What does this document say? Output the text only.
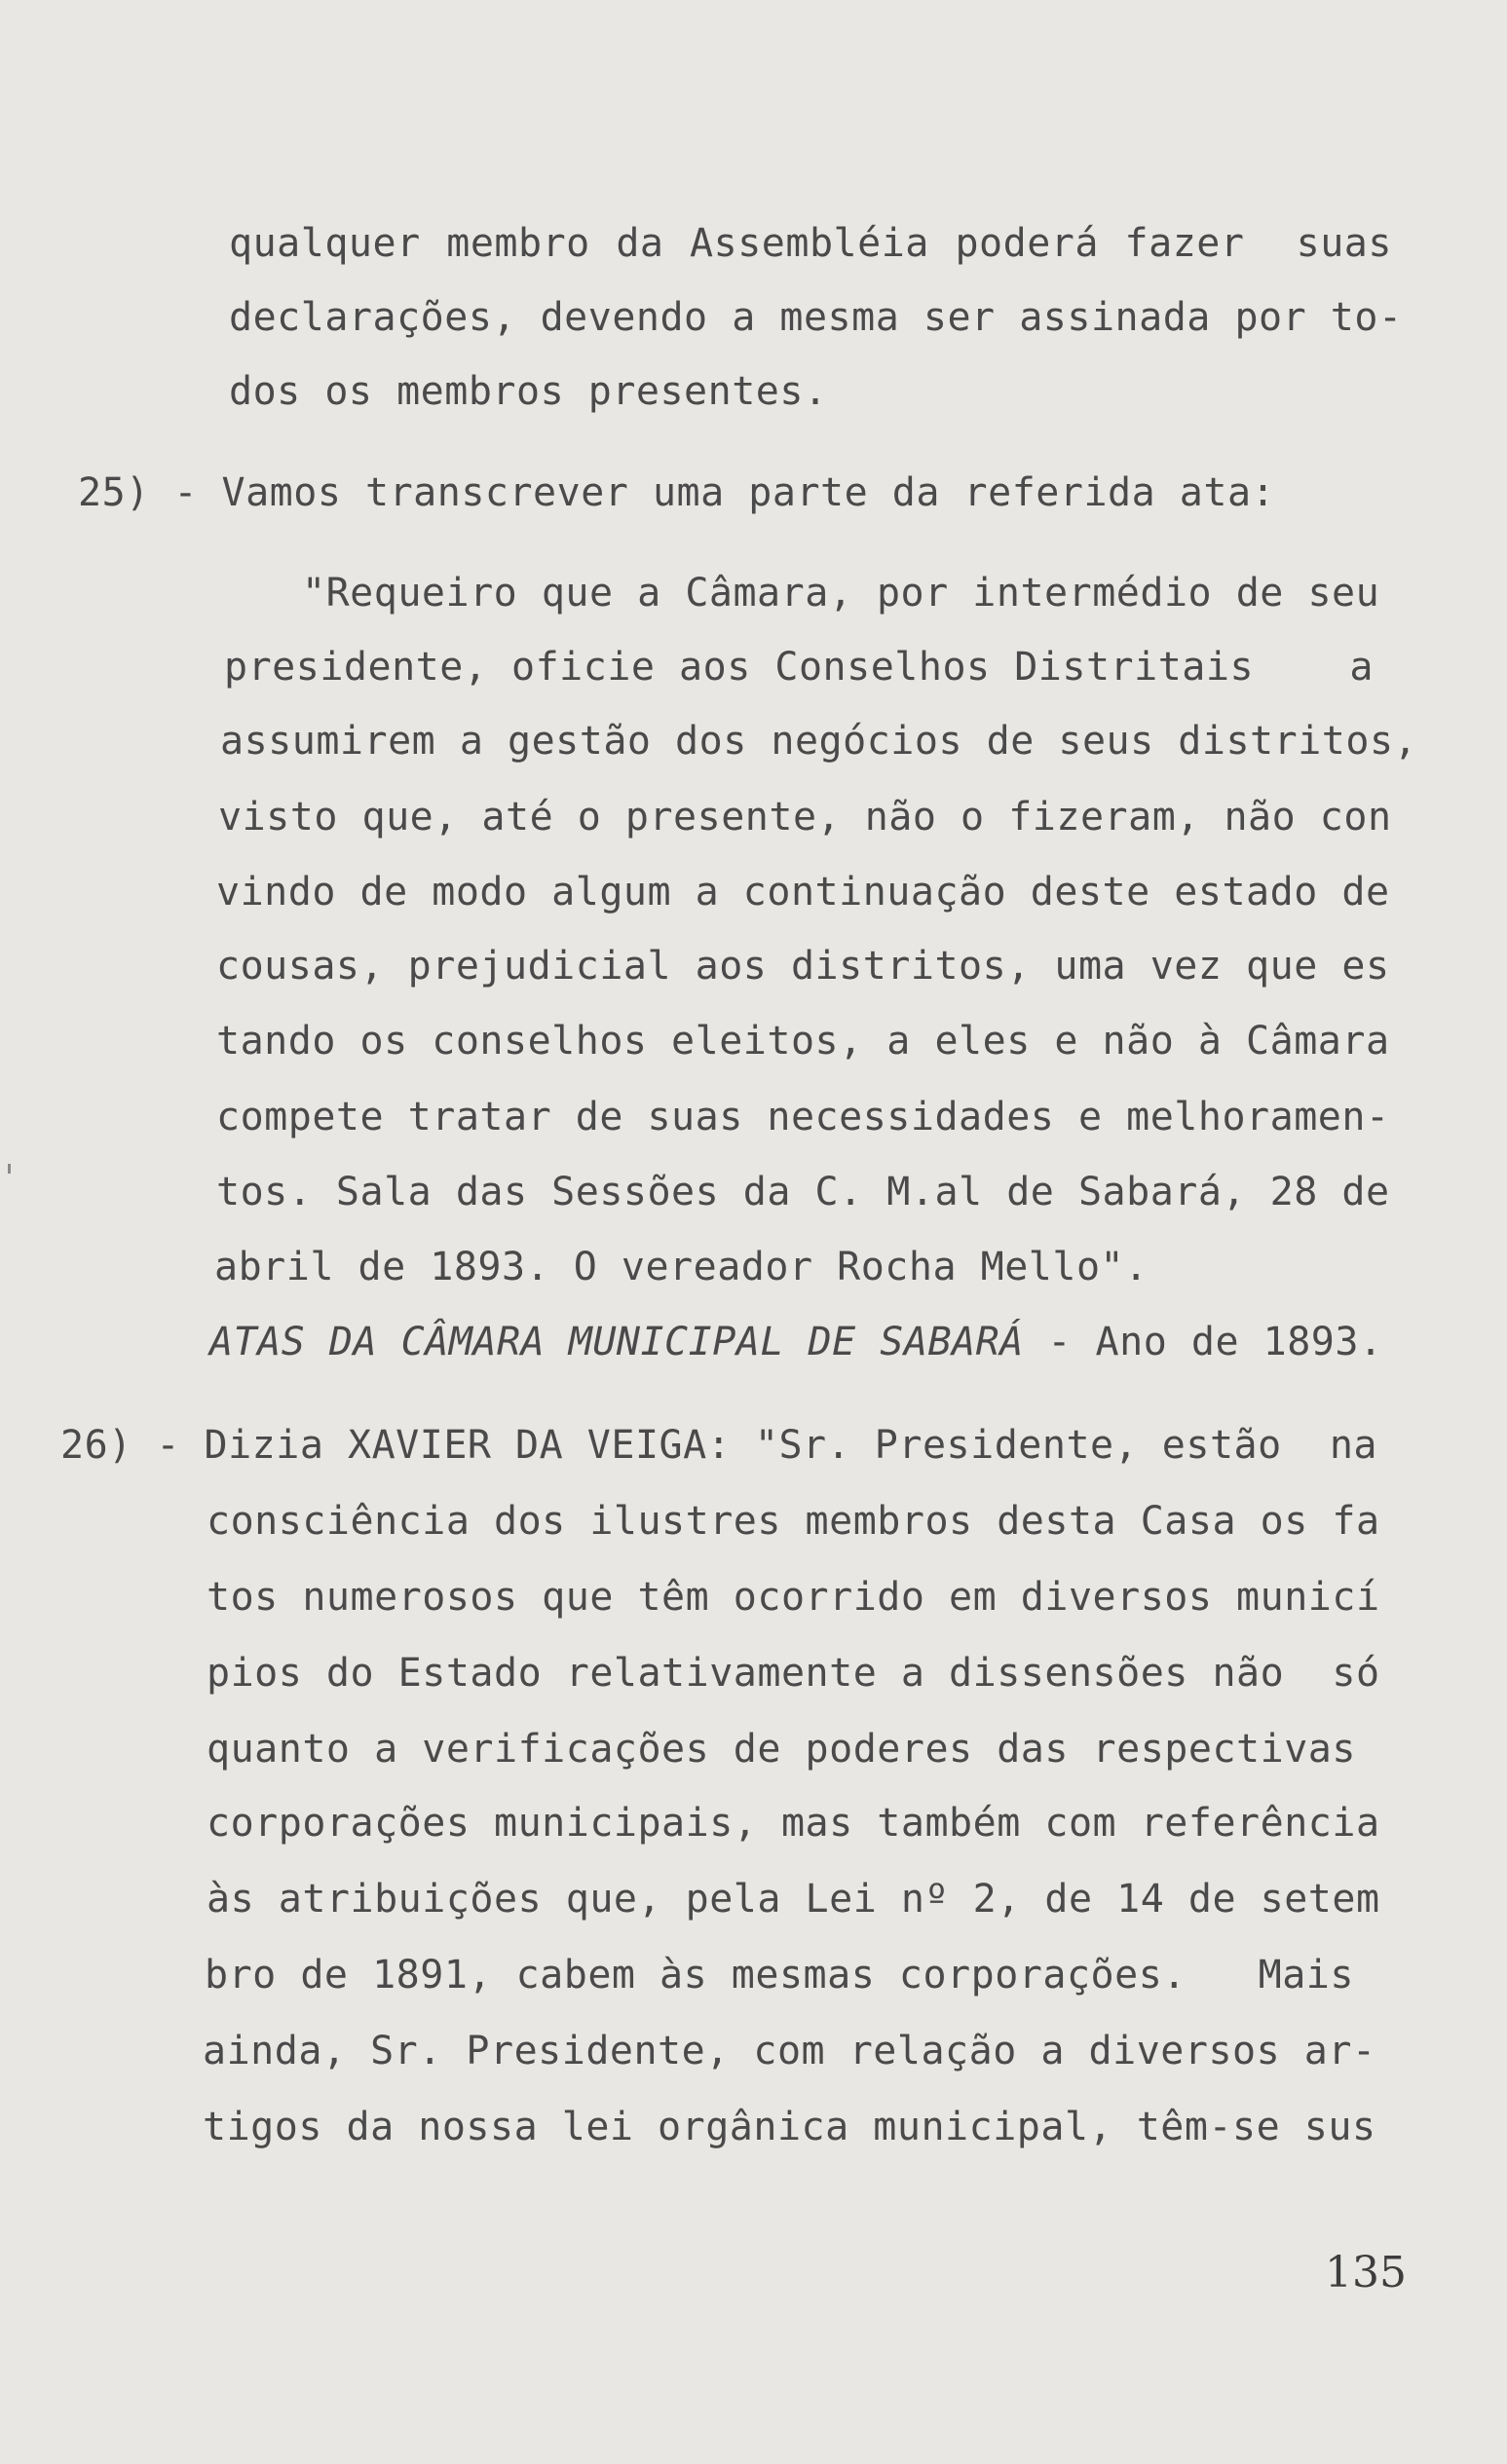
qualquer membro da Assembléia poderá fazer  suas
declarações, devendo a mesma ser assinada por to-
dos os membros presentes.
25) - Vamos transcrever uma parte da referida ata:
"Requeiro que a Câmara, por intermédio de seu
presidente, oficie aos Conselhos Distritais    a
assumirem a gestão dos negócios de seus distritos,
visto que, até o presente, não o fizeram, não con
vindo de modo algum a continuação deste estado de
cousas, prejudicial aos distritos, uma vez que es
tando os conselhos eleitos, a eles e não à Câmara
compete tratar de suas necessidades e melhoramen-
tos. Sala das Sessões da C. M.al de Sabará, 28 de
abril de 1893. O vereador Rocha Mello".
ATAS DA CÂMARA MUNICIPAL DE SABARÁ - Ano de 1893.
26) - Dizia XAVIER DA VEIGA: "Sr. Presidente, estão  na
consciência dos ilustres membros desta Casa os fa
tos numerosos que têm ocorrido em diversos municí
pios do Estado relativamente a dissensões não  só
quanto a verificações de poderes das respectivas
corporações municipais, mas também com referência
às atribuições que, pela Lei nº 2, de 14 de setem
bro de 1891, cabem às mesmas corporações.   Mais
ainda, Sr. Presidente, com relação a diversos ar-
tigos da nossa lei orgânica municipal, têm-se sus
135
